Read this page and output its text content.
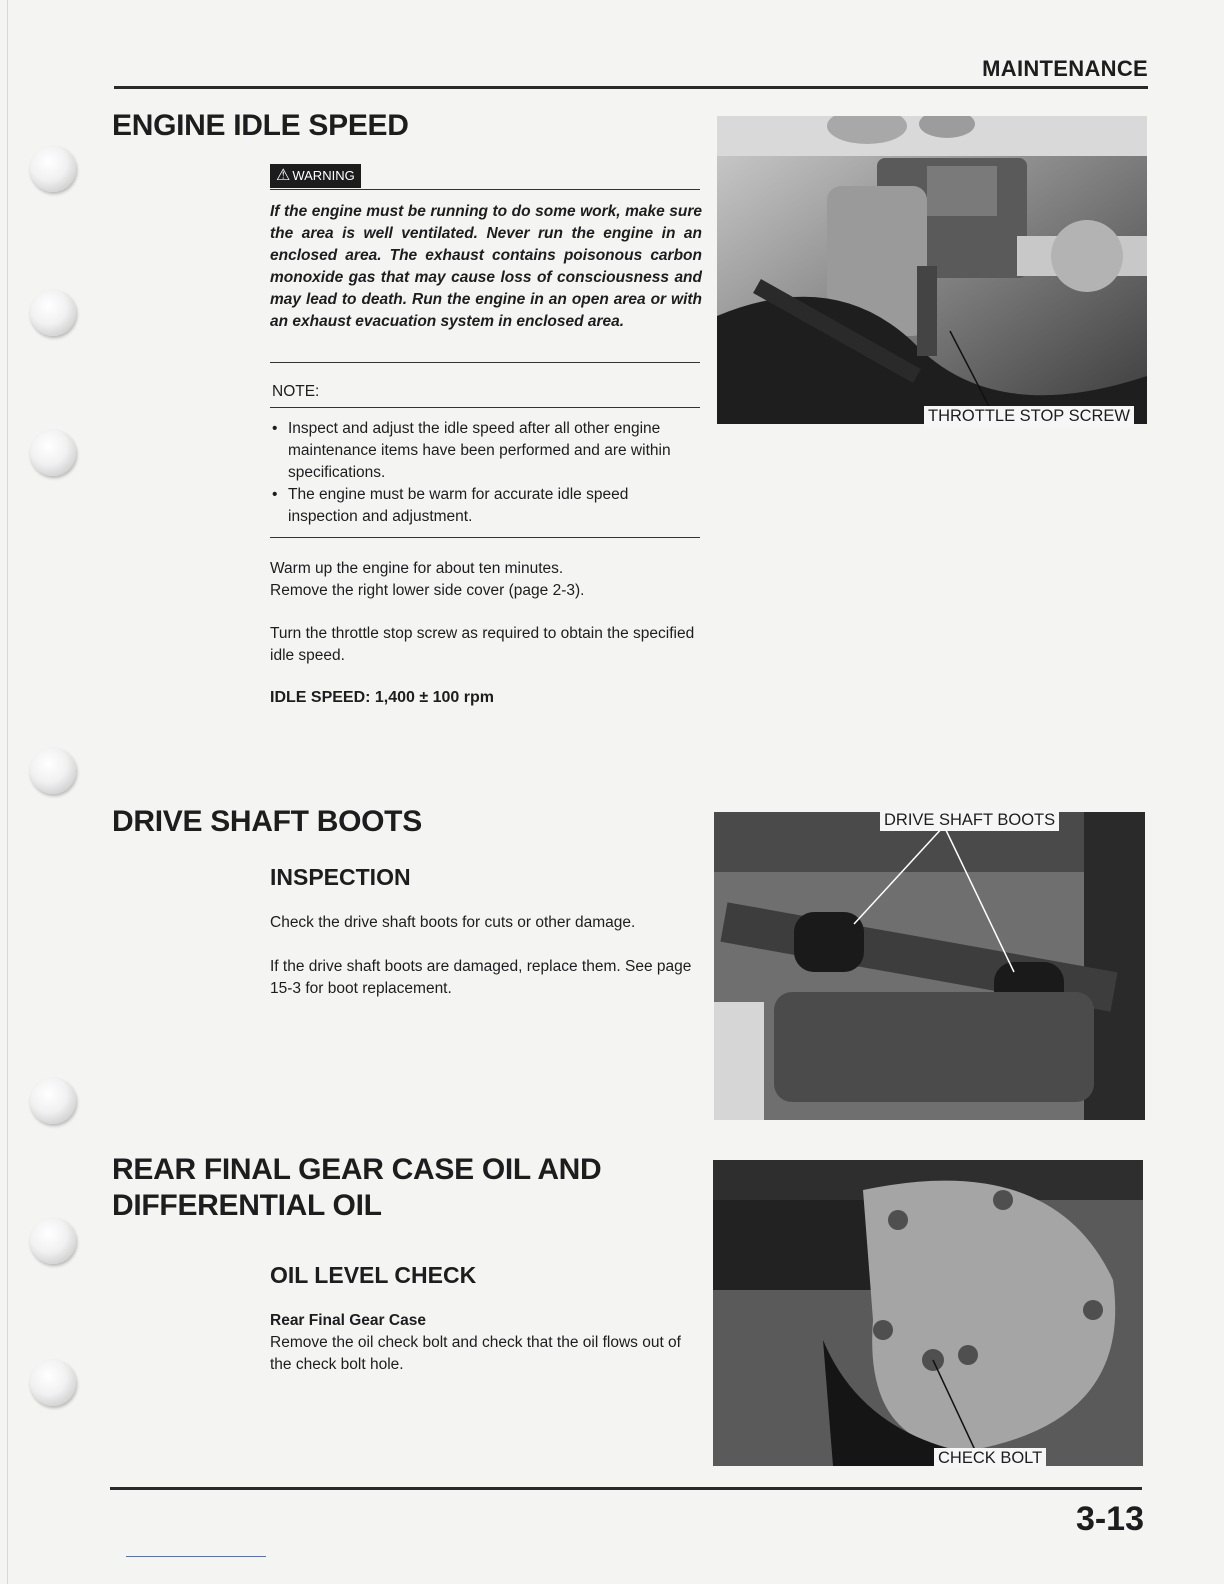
MAINTENANCE
ENGINE IDLE SPEED
⚠ WARNING
If the engine must be running to do some work, make sure the area is well ventilated. Never run the engine in an enclosed area. The exhaust contains poisonous carbon monoxide gas that may cause loss of consciousness and may lead to death. Run the engine in an open area or with an exhaust evacuation system in enclosed area.
NOTE:
• Inspect and adjust the idle speed after all other engine maintenance items have been performed and are within specifications.
• The engine must be warm for accurate idle speed inspection and adjustment.
Warm up the engine for about ten minutes.
Remove the right lower side cover (page 2-3).
Turn the throttle stop screw as required to obtain the specified idle speed.
IDLE SPEED: 1,400 ± 100 rpm
THROTTLE STOP SCREW
DRIVE SHAFT BOOTS
INSPECTION
Check the drive shaft boots for cuts or other damage.
If the drive shaft boots are damaged, replace them. See page 15-3 for boot replacement.
DRIVE SHAFT BOOTS
REAR FINAL GEAR CASE OIL AND
DIFFERENTIAL OIL
OIL LEVEL CHECK
Rear Final Gear Case
Remove the oil check bolt and check that the oil flows out of the check bolt hole.
CHECK BOLT
3-13
